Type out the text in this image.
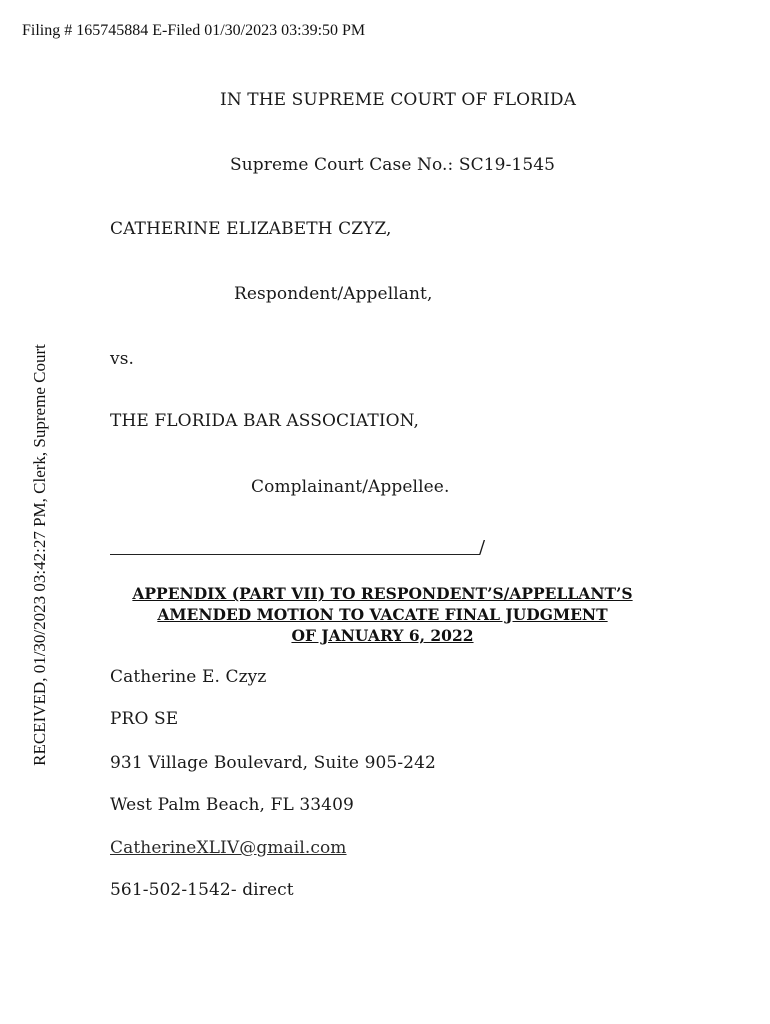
Filing # 165745884 E-Filed 01/30/2023 03:39:50 PM
RECEIVED, 01/30/2023 03:42:27 PM, Clerk, Supreme Court
IN THE SUPREME COURT OF FLORIDA
Supreme Court Case No.: SC19-1545
CATHERINE ELIZABETH CZYZ,
Respondent/Appellant,
vs.
THE FLORIDA BAR ASSOCIATION,
Complainant/Appellee.
/
APPENDIX (PART VII) TO RESPONDENT’S/APPELLANT’S
AMENDED MOTION TO VACATE FINAL JUDGMENT
OF JANUARY 6, 2022
Catherine E. Czyz
PRO SE
931 Village Boulevard, Suite 905-242
West Palm Beach, FL 33409
CatherineXLIV@gmail.com
561-502-1542- direct
